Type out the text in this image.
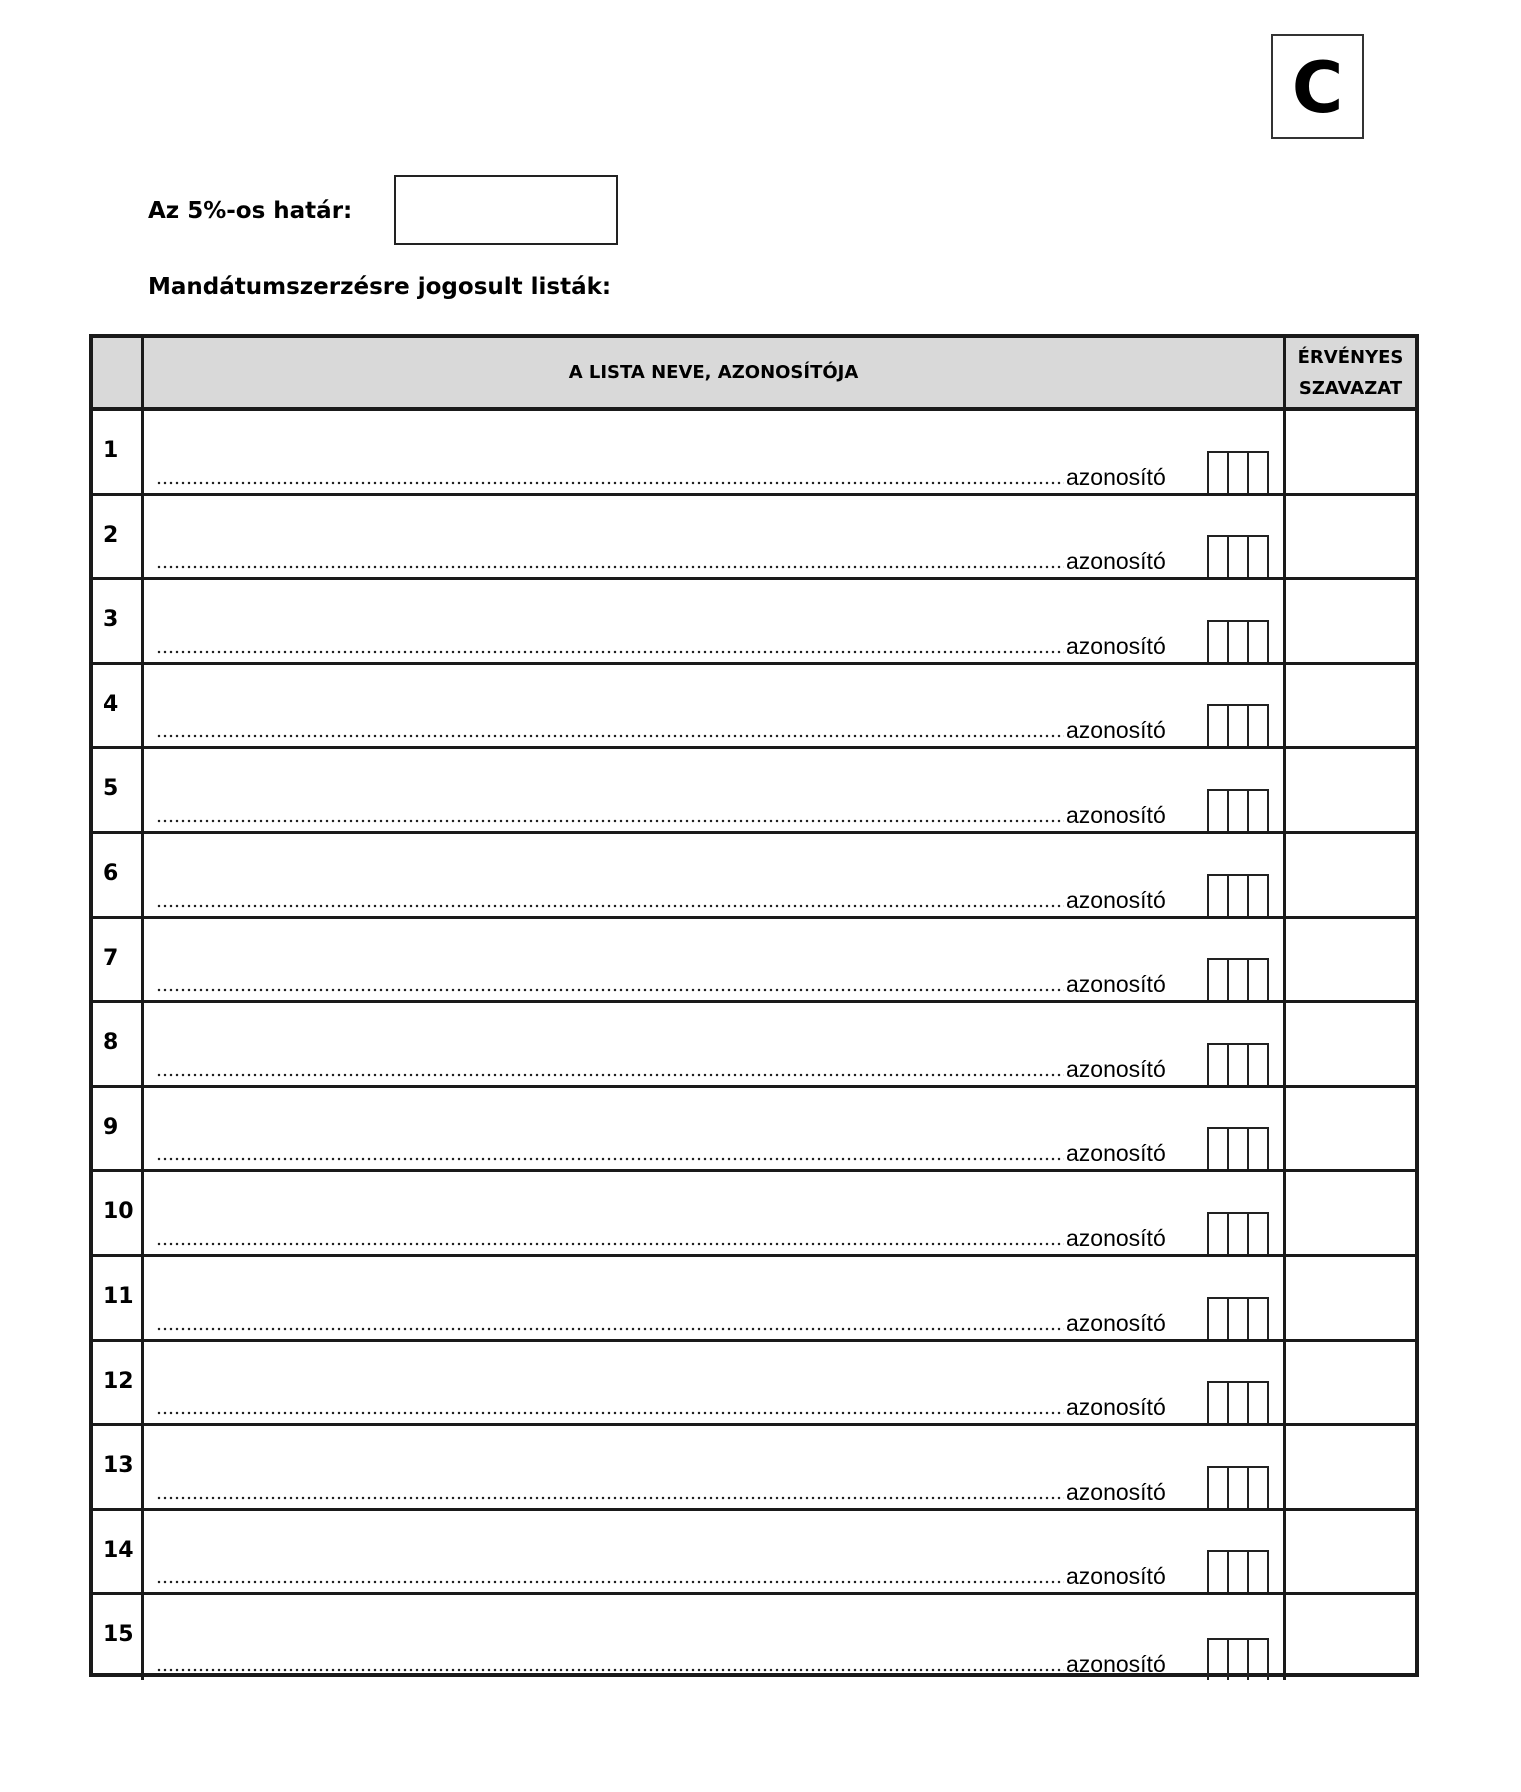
C
Az 5%-os határ:
Mandátumszerzésre jogosult listák:
A LISTA NEVE, AZONOSÍTÓJA
ÉRVÉNYES
SZAVAZAT
1
azonosító
2
azonosító
3
azonosító
4
azonosító
5
azonosító
6
azonosító
7
azonosító
8
azonosító
9
azonosító
10
azonosító
11
azonosító
12
azonosító
13
azonosító
14
azonosító
15
azonosító
